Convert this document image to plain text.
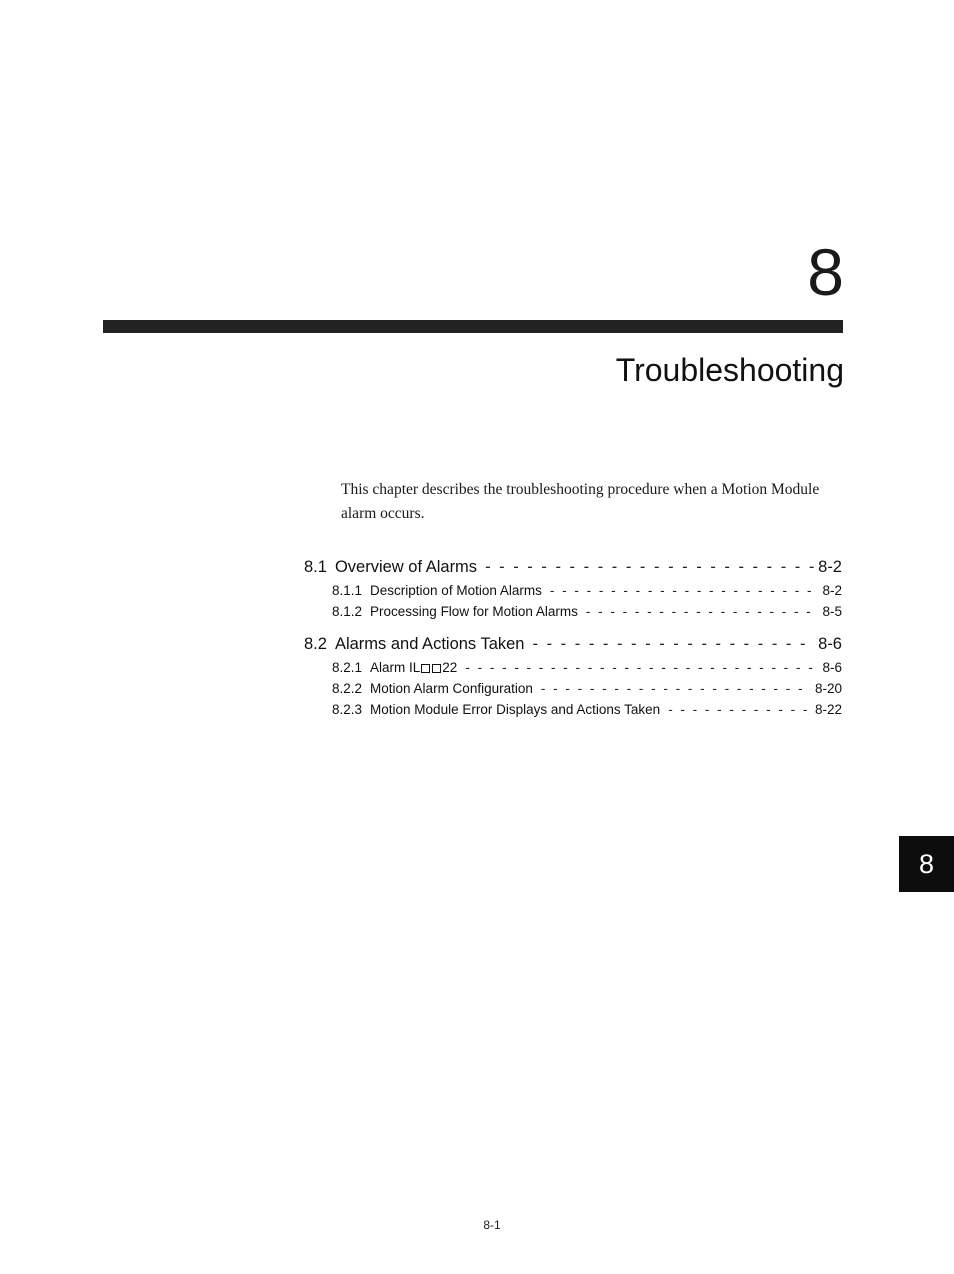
8
Troubleshooting

This chapter describes the troubleshooting procedure when a Motion Module alarm occurs.

8.1 Overview of Alarms - - -	8-2
8.1.1 Description of Motion Alarms - - -	8-2
8.1.2 Processing Flow for Motion Alarms - - -	8-5
8.2 Alarms and Actions Taken - - -	8-6
8.2.1 Alarm IL 22 - - -	8-6
8.2.2 Motion Alarm Configuration - - -	8-20
8.2.3 Motion Module Error Displays and Actions Taken - - -	8-22
8
8-1
